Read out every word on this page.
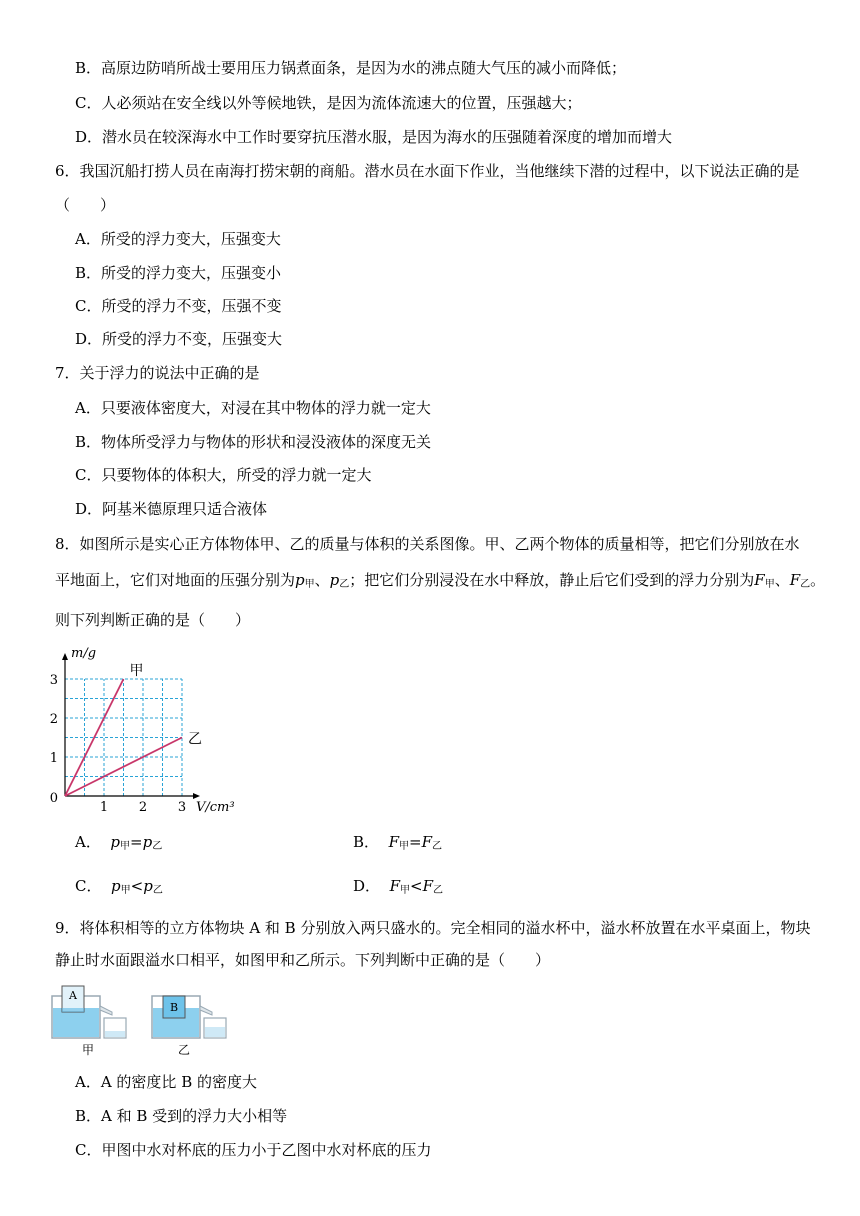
B．高原边防哨所战士要用压力锅煮面条，是因为水的沸点随大气压的减小而降低；
C．人必须站在安全线以外等候地铁，是因为流体流速大的位置，压强越大；
D．潜水员在较深海水中工作时要穿抗压潜水服，是因为海水的压强随着深度的增加而增大
6．我国沉船打捞人员在南海打捞宋朝的商船。潜水员在水面下作业，当他继续下潜的过程中，以下说法正确的是
（　　）
A．所受的浮力变大，压强变大
B．所受的浮力变大，压强变小
C．所受的浮力不变，压强不变
D．所受的浮力不变，压强变大
7．关于浮力的说法中正确的是
A．只要液体密度大，对浸在其中物体的浮力就一定大
B．物体所受浮力与物体的形状和浸没液体的深度无关
C．只要物体的体积大，所受的浮力就一定大
D．阿基米德原理只适合液体
8．如图所示是实心正方体物体甲、乙的质量与体积的关系图像。甲、乙两个物体的质量相等，把它们分别放在水
平地面上，它们对地面的压强分别为$p_甲$、$p_乙$；把它们分别浸没在水中释放，静止后它们受到的浮力分别为$F_甲$、$F_乙$。
则下列判断正确的是（　　）
1 2 3
1
2
3
0
V/cm³
m/g
甲
乙
A． $p_甲=p_乙$	B． $F_甲=F_乙$
C． $p_甲<p_乙$	D． $F_甲<F_乙$
9．将体积相等的立方体物块 A 和 B 分别放入两只盛水的。完全相同的溢水杯中，溢水杯放置在水平桌面上，物块
静止时水面跟溢水口相平，如图甲和乙所示。下列判断中正确的是（　　）
A
甲
B
乙
A．A 的密度比 B 的密度大
B．A 和 B 受到的浮力大小相等
C．甲图中水对杯底的压力小于乙图中水对杯底的压力
